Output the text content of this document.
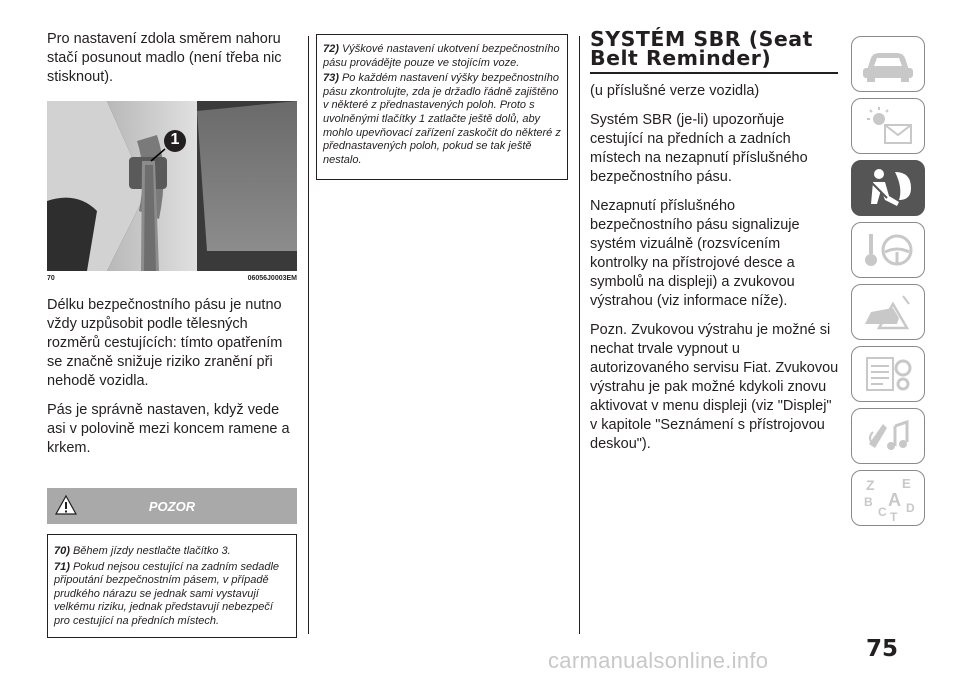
Pro nastavení zdola směrem nahoru stačí posunout madlo (není třeba nic stisknout).

1
70	06056J0003EM

Délku bezpečnostního pásu je nutno vždy uzpůsobit podle tělesných rozměrů cestujících: tímto opatřením se značně snižuje riziko zranění při nehodě vozidla.

Pás je správně nastaven, když vede asi v polovině mezi koncem ramene a krkem.

POZOR

70) Během jízdy nestlačte tlačítko 3.

71) Pokud nejsou cestující na zadním sedadle připoutání bezpečnostním pásem, v případě prudkého nárazu se jednak sami vystavují velkému riziku, jednak představují nebezpečí pro cestující na předních místech.

72) Výškové nastavení ukotvení bezpečnostního pásu provádějte pouze ve stojícím voze.

73) Po každém nastavení výšky bezpečnostního pásu zkontrolujte, zda je držadlo řádně zajištěno v některé z přednastavených poloh. Proto s uvolněnými tlačítky 1 zatlačte ještě dolů, aby mohlo upevňovací zařízení zaskočit do některé z přednastavených poloh, pokud se tak ještě nestalo.

SYSTÉM SBR (Seat
Belt Reminder)

(u příslušné verze vozidla)

Systém SBR (je-li) upozorňuje cestující na předních a zadních místech na nezapnutí příslušného bezpečnostního pásu.

Nezapnutí příslušného bezpečnostního pásu signalizuje systém vizuálně (rozsvícením kontrolky na přístrojové desce a symbolů na displeji) a zvukovou výstrahou (viz informace níže).

Pozn. Zvukovou výstrahu je možné si nechat trvale vypnout u autorizovaného servisu Fiat. Zvukovou výstrahu je pak možné kdykoli znovu aktivovat v menu displeji (viz "Displej" v kapitole "Seznámení s přístrojovou deskou").

Z E
B A
C D
T
75
carmanualsonline.info
